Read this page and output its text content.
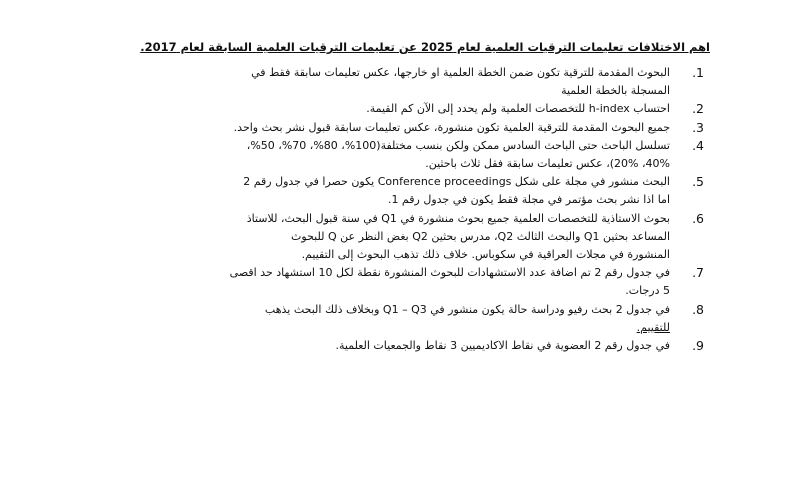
اهم الاختلافات تعليمات الترقيات العلمية لعام 2025 عن تعليمات الترقيات العلمية السابقة لعام 2017.
.1
البحوث المقدمة للترقية تكون ضمن الخطة العلمية او خارجها، عكس تعليمات سابقة فقط في
المسجلة بالخطة العلمية
.2
احتساب h-index للتخصصات العلمية ولم يحدد إلى الآن كم القيمة.
.3
جميع البحوث المقدمة للترقية العلمية تكون منشورة، عكس تعليمات سابقة قبول نشر بحث واحد.
.4
تسلسل الباحث حتى الباحث السادس ممكن ولكن بنسب مختلفة(100%، 80%، 70%، 50%،
40%، 20%)، عكس تعليمات سابقة فقل ثلاث باحثين.
.5
البحث منشور في مجلة على شكل Conference proceedings يكون حصرا في جدول رقم 2
اما اذا نشر بحث مؤتمر في مجلة فقط يكون في جدول رقم 1.
.6
بحوث الاستاذية للتخصصات العلمية جميع بحوث منشورة في Q1 في سنة قبول البحث، للاستاذ
المساعد بحثين Q1 والبحث الثالث Q2، مدرس بحثين Q2 بغض النظر عن Q للبحوث
المنشورة في مجلات العراقية في سكوباس. خلاف ذلك تذهب البحوث إلى التقييم.
.7
في جدول رقم 2 تم اضافة عدد الاستشهادات للبحوث المنشورة نقطة لكل 10 استشهاد حد اقصى
5 درجات.
.8
في جدول 2 بحث رفيو ودراسة حالة يكون منشور في Q1 – Q3 وبخلاف ذلك البحث يذهب
للتقييم.
.9
في جدول رقم 2 العضوية في نقاط الاكاديميين 3 نقاط والجمعيات العلمية.
